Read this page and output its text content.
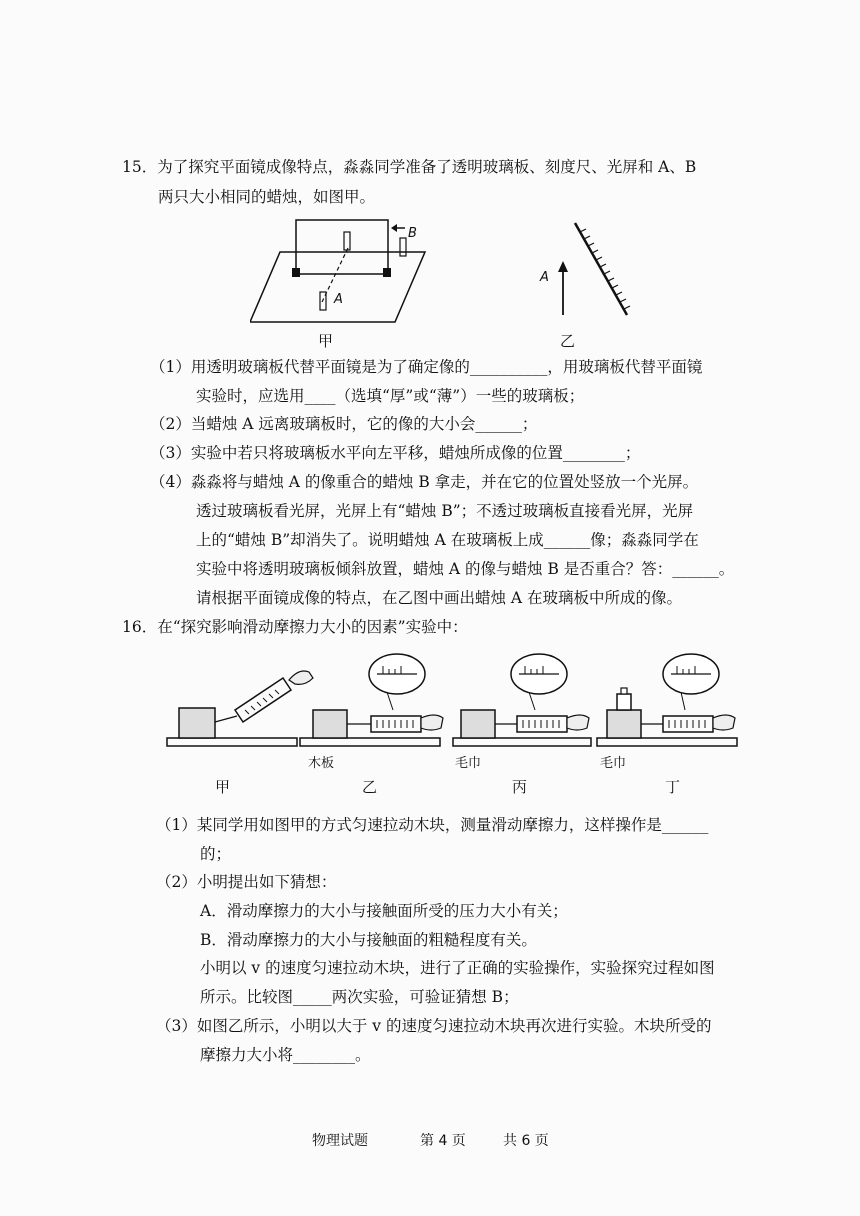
15．为了探究平面镜成像特点，淼淼同学准备了透明玻璃板、刻度尺、光屏和 A、B
两只大小相同的蜡烛，如图甲。
B
A
甲
A
乙
（1）用透明玻璃板代替平面镜是为了确定像的__________，用玻璃板代替平面镜
实验时，应选用____（选填“厚”或“薄”）一些的玻璃板；
（2）当蜡烛 A 远离玻璃板时，它的像的大小会______；
（3）实验中若只将玻璃板水平向左平移，蜡烛所成像的位置________；
（4）淼淼将与蜡烛 A 的像重合的蜡烛 B 拿走，并在它的位置处竖放一个光屏。
透过玻璃板看光屏，光屏上有“蜡烛 B”；不透过玻璃板直接看光屏，光屏
上的“蜡烛 B”却消失了。说明蜡烛 A 在玻璃板上成______像；淼淼同学在
实验中将透明玻璃板倾斜放置，蜡烛 A 的像与蜡烛 B 是否重合？答：______。
请根据平面镜成像的特点，在乙图中画出蜡烛 A 在玻璃板中所成的像。
16．在“探究影响滑动摩擦力大小的因素”实验中：
木板	毛巾	毛巾
甲	乙	丙	丁
（1）某同学用如图甲的方式匀速拉动木块，测量滑动摩擦力，这样操作是______
的；
（2）小明提出如下猜想：
A．滑动摩擦力的大小与接触面所受的压力大小有关；
B．滑动摩擦力的大小与接触面的粗糙程度有关。
小明以 v 的速度匀速拉动木块，进行了正确的实验操作，实验探究过程如图
所示。比较图_____两次实验，可验证猜想 B；
（3）如图乙所示，小明以大于 v 的速度匀速拉动木块再次进行实验。木块所受的
摩擦力大小将________。
物理试题	第 4 页	共 6 页
